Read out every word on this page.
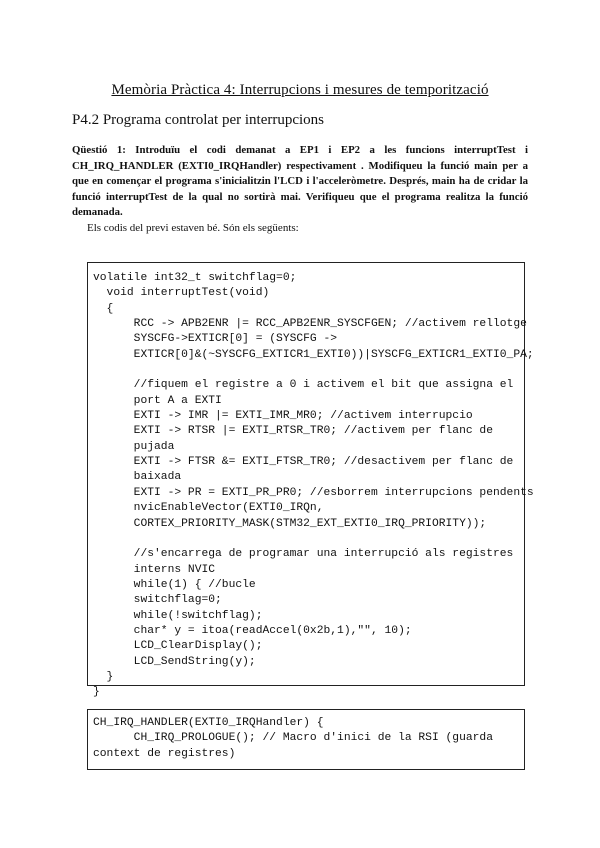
Memòria Pràctica 4: Interrupcions i mesures de temporització
P4.2 Programa controlat per interrupcions
Qüestió 1: Introduïu el codi demanat a EP1 i EP2 a les funcions interruptTest i CH_IRQ_HANDLER (EXTI0_IRQHandler) respectivament . Modifiqueu la funció main per a que en començar el programa s'inicialitzin l'LCD i l'acceleròmetre. Després, main ha de cridar la funció interruptTest de la qual no sortirà mai. Verifiqueu que el programa realitza la funció demanada.
Els codis del previ estaven bé. Són els següents:
volatile int32_t switchflag=0;
void interruptTest(void)
{
RCC -> APB2ENR |= RCC_APB2ENR_SYSCFGEN; //activem rellotge
SYSCFG->EXTICR[0] = (SYSCFG ->
EXTICR[0]&(~SYSCFG_EXTICR1_EXTI0))|SYSCFG_EXTICR1_EXTI0_PA;
//fiquem el registre a 0 i activem el bit que assigna el
port A a EXTI
EXTI -> IMR |= EXTI_IMR_MR0; //activem interrupcio
EXTI -> RTSR |= EXTI_RTSR_TR0; //activem per flanc de
pujada
EXTI -> FTSR &= EXTI_FTSR_TR0; //desactivem per flanc de
baixada
EXTI -> PR = EXTI_PR_PR0; //esborrem interrupcions pendents
nvicEnableVector(EXTI0_IRQn,
CORTEX_PRIORITY_MASK(STM32_EXT_EXTI0_IRQ_PRIORITY));
//s'encarrega de programar una interrupció als registres
interns NVIC
while(1) { //bucle
switchflag=0;
while(!switchflag);
char* y = itoa(readAccel(0x2b,1),"", 10);
LCD_ClearDisplay();
LCD_SendString(y);
}
}
CH_IRQ_HANDLER(EXTI0_IRQHandler) {
CH_IRQ_PROLOGUE(); // Macro d'inici de la RSI (guarda
context de registres)
